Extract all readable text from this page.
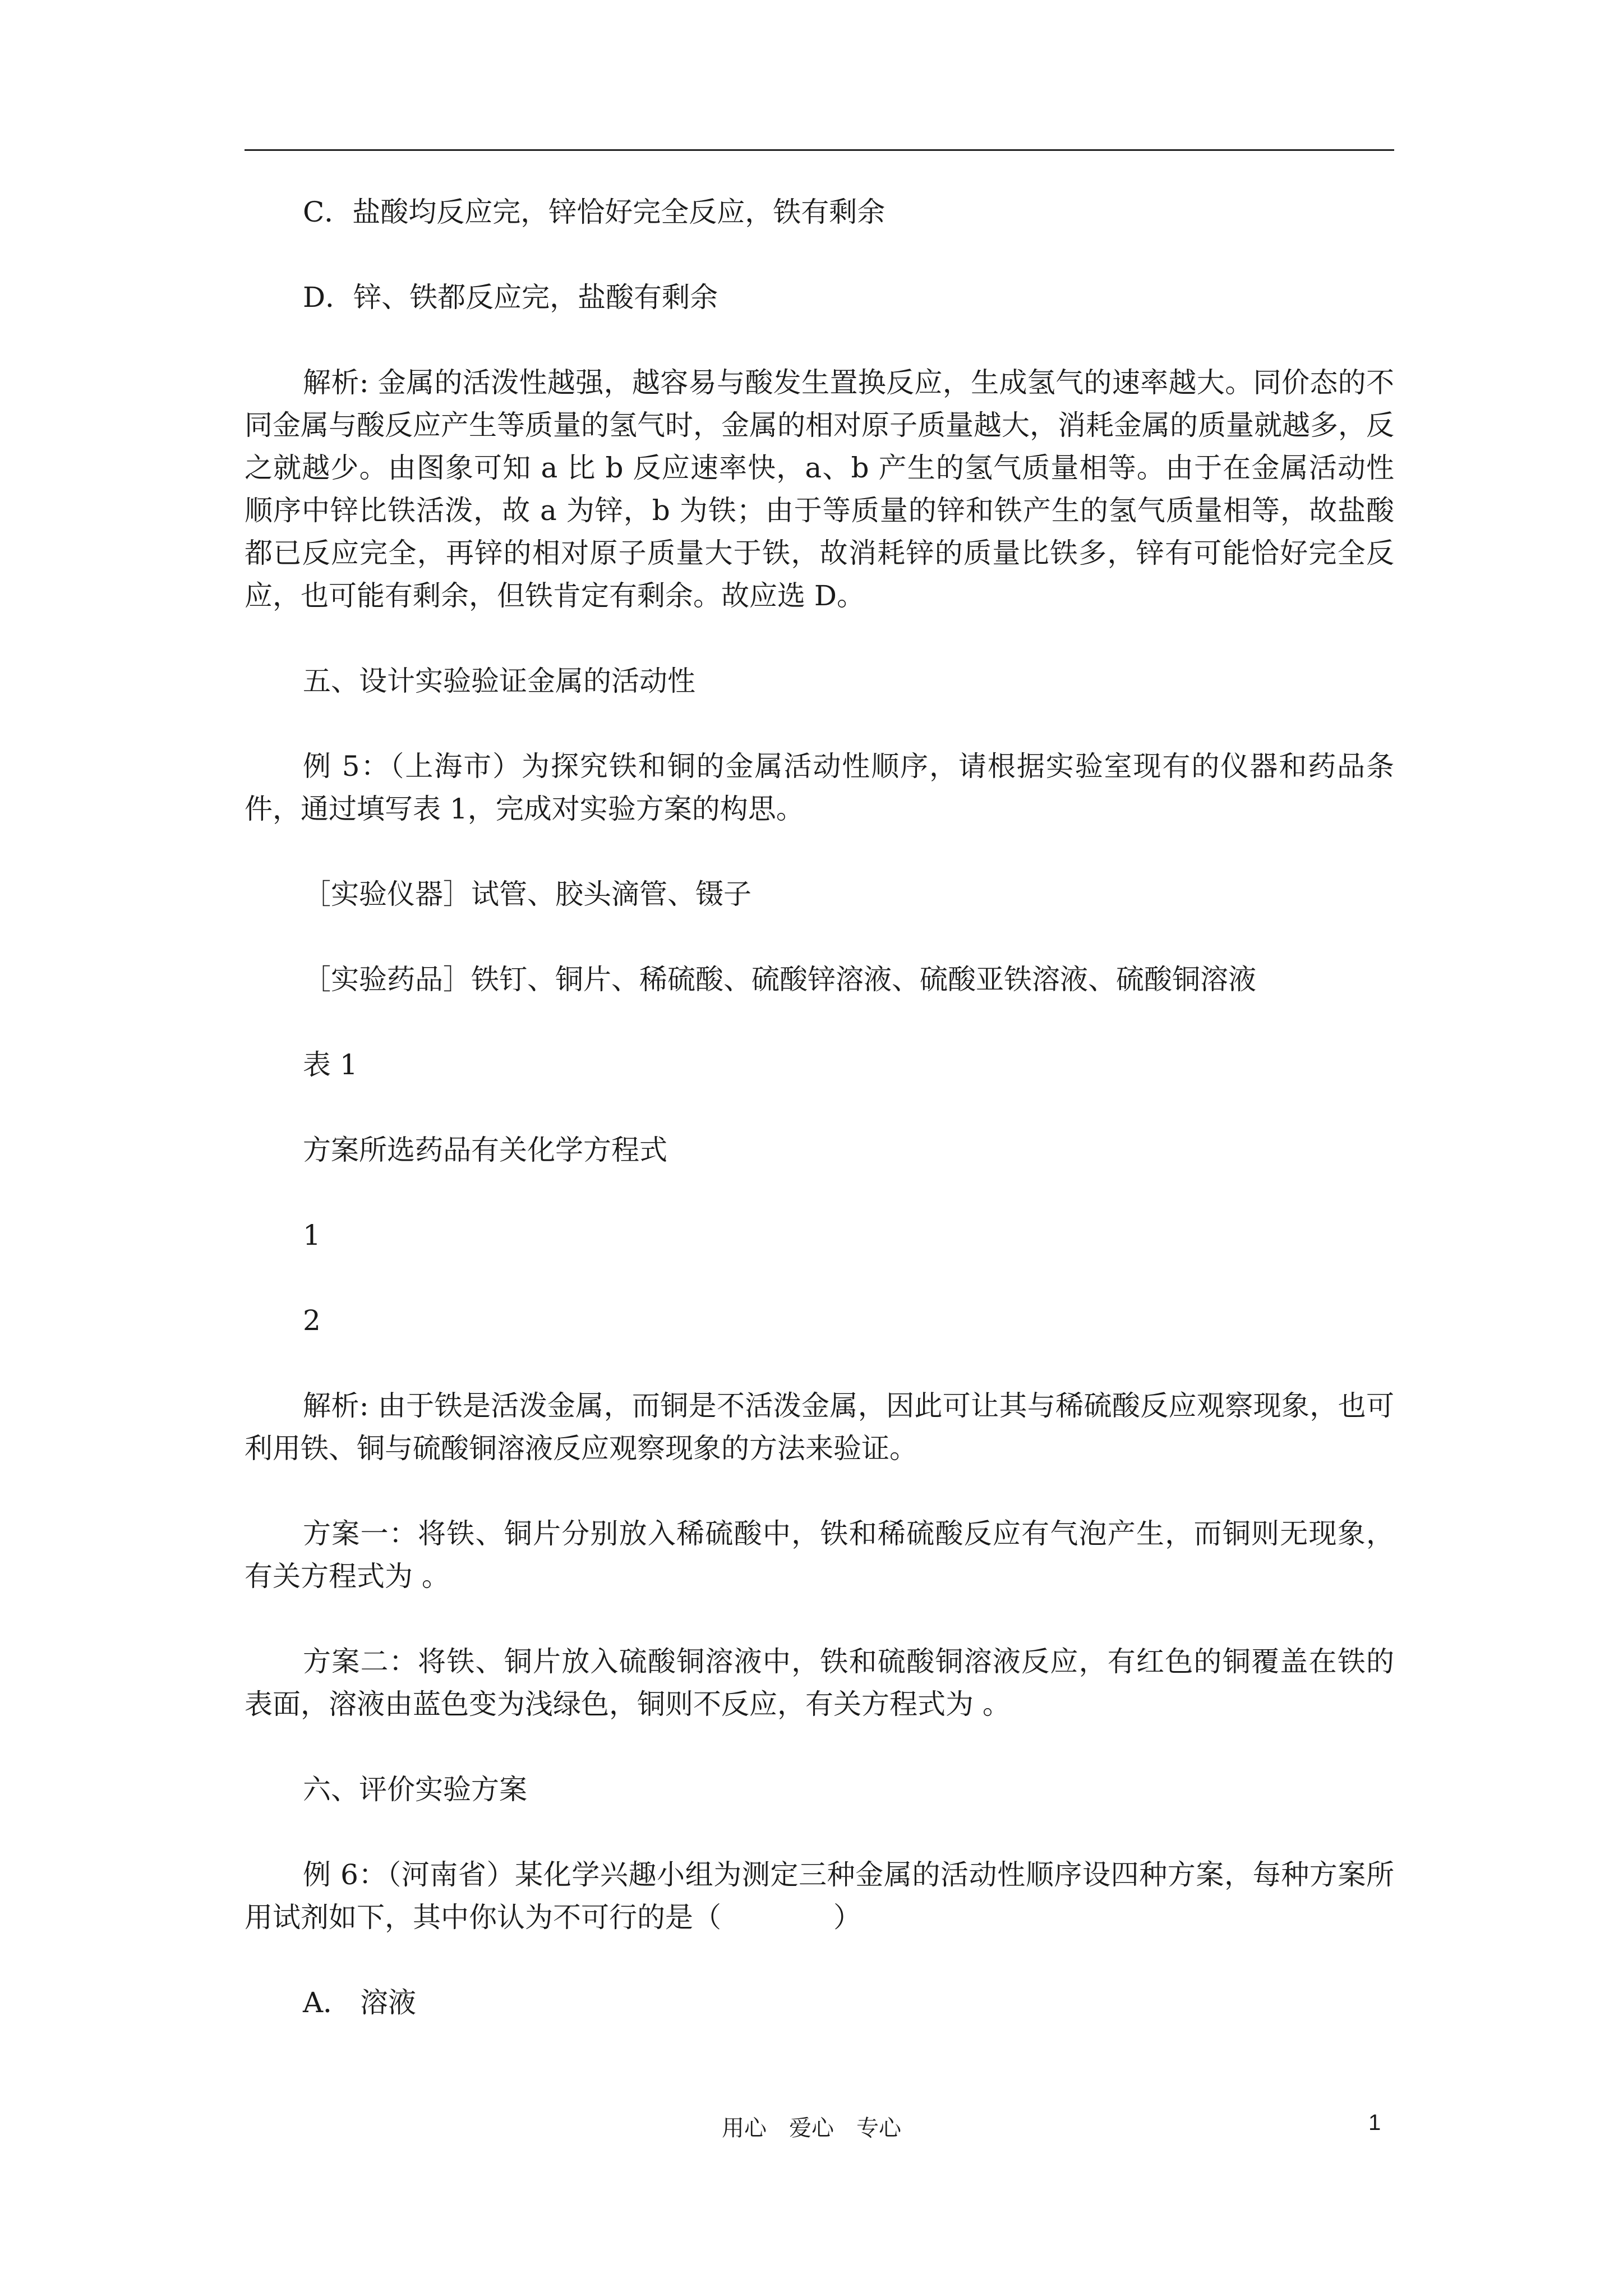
C．盐酸均反应完，锌恰好完全反应，铁有剩余

D．锌、铁都反应完，盐酸有剩余

解析: 金属的活泼性越强，越容易与酸发生置换反应，生成氢气的速率越大。同价态的不同金属与酸反应产生等质量的氢气时，金属的相对原子质量越大，消耗金属的质量就越多，反之就越少。由图象可知 a 比 b 反应速率快，a、b 产生的氢气质量相等。由于在金属活动性顺序中锌比铁活泼，故 a 为锌，b 为铁；由于等质量的锌和铁产生的氢气质量相等，故盐酸都已反应完全，再锌的相对原子质量大于铁，故消耗锌的质量比铁多，锌有可能恰好完全反应，也可能有剩余，但铁肯定有剩余。故应选 D。

五、设计实验验证金属的活动性

例 5：（上海市）为探究铁和铜的金属活动性顺序，请根据实验室现有的仪器和药品条件，通过填写表 1，完成对实验方案的构思。

［实验仪器］试管、胶头滴管、镊子

［实验药品］铁钉、铜片、稀硫酸、硫酸锌溶液、硫酸亚铁溶液、硫酸铜溶液

表 1

方案所选药品有关化学方程式

1

2

解析: 由于铁是活泼金属，而铜是不活泼金属，因此可让其与稀硫酸反应观察现象，也可利用铁、铜与硫酸铜溶液反应观察现象的方法来验证。

方案一：将铁、铜片分别放入稀硫酸中，铁和稀硫酸反应有气泡产生，而铜则无现象，有关方程式为 。

方案二：将铁、铜片放入硫酸铜溶液中，铁和硫酸铜溶液反应，有红色的铜覆盖在铁的表面，溶液由蓝色变为浅绿色，铜则不反应，有关方程式为 。

六、评价实验方案

例 6：（河南省）某化学兴趣小组为测定三种金属的活动性顺序设四种方案，每种方案所用试剂如下，其中你认为不可行的是（　　　　）

A． 溶液

用心　爱心　专心	1
